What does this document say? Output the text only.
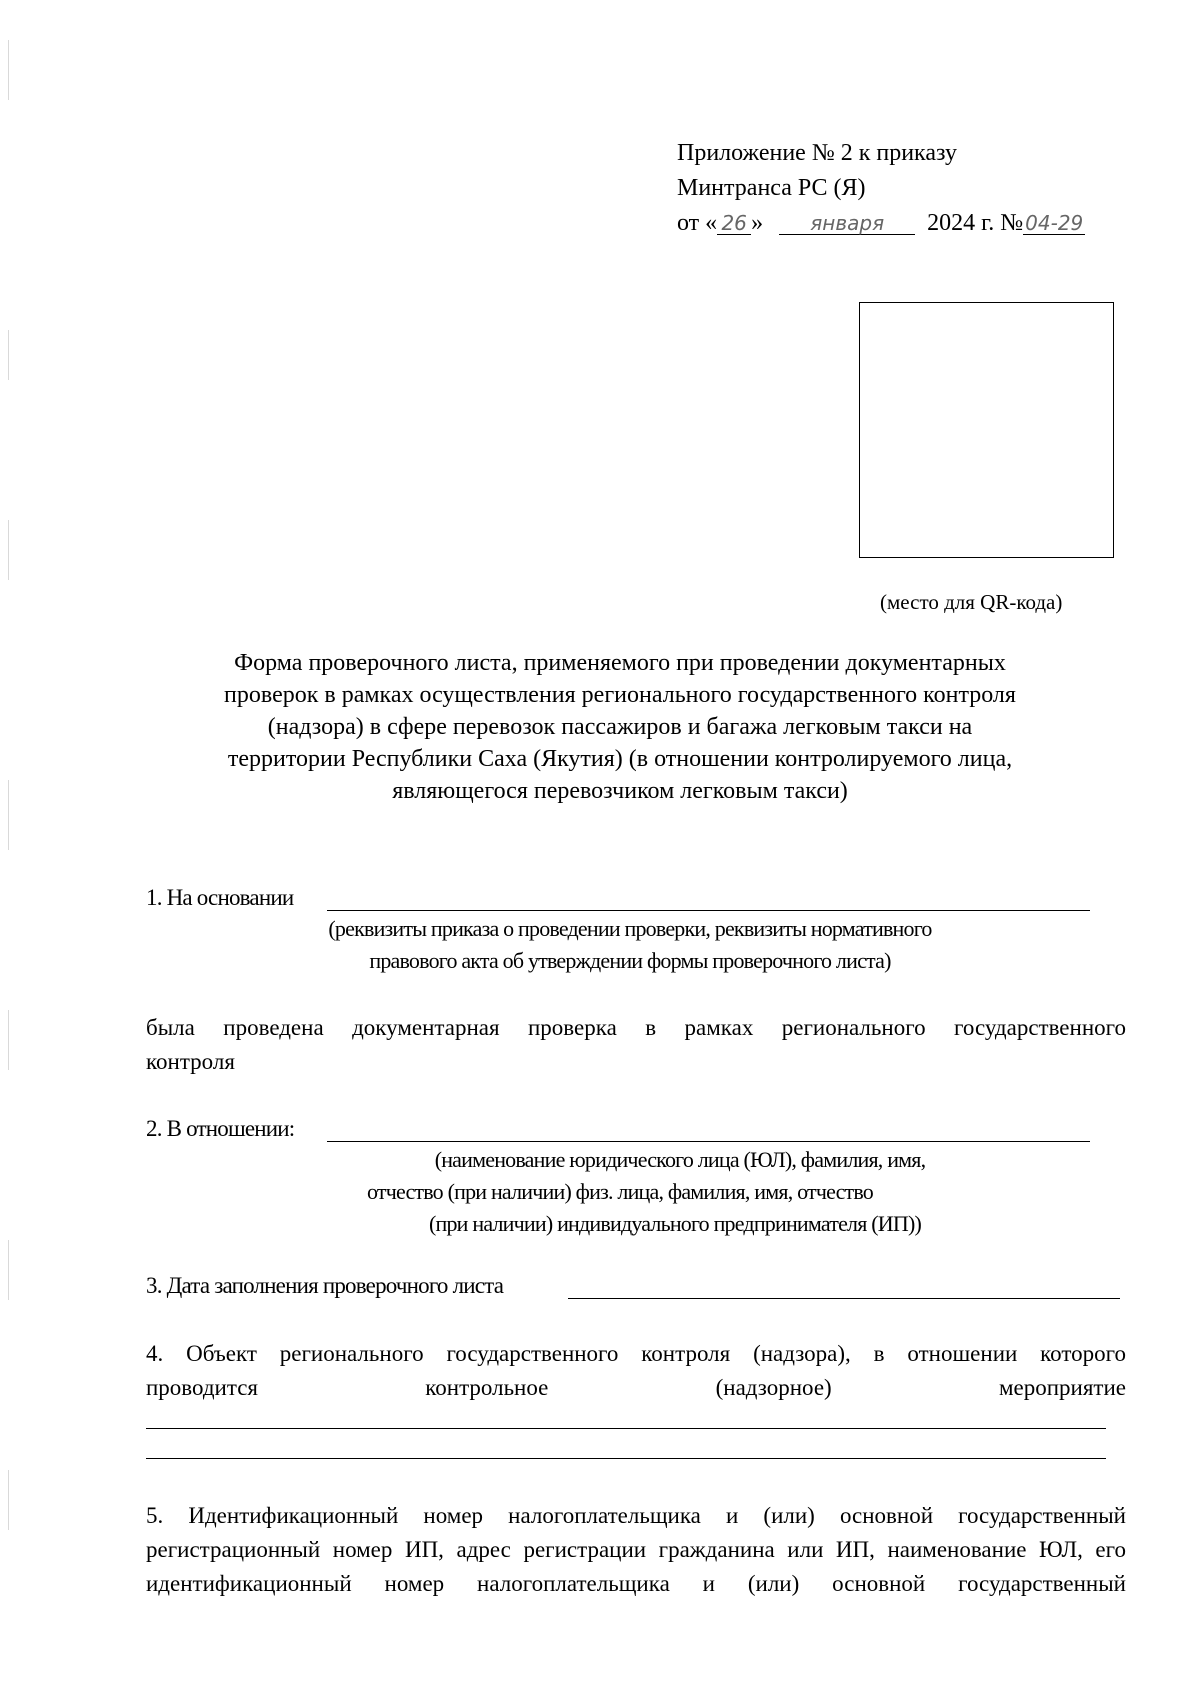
Приложение № 2 к приказу
Минтранса РС (Я)
от « 26 » января 2024 г. №04-29
(место для QR-кода)
Форма проверочного листа, применяемого при проведении документарных
проверок в рамках осуществления регионального государственного контроля
(надзора) в сфере перевозок пассажиров и багажа легковым такси на
территории Республики Саха (Якутия) (в отношении контролируемого лица,
являющегося перевозчиком легковым такси)
1. На основании
(реквизиты приказа о проведении проверки, реквизиты нормативного
правового акта об утверждении формы проверочного листа)
была проведена документарная проверка в рамках регионального государственного
контроля
2. В отношении:
(наименование юридического лица (ЮЛ), фамилия, имя,
отчество (при наличии) физ. лица, фамилия, имя, отчество
(при наличии) индивидуального предпринимателя (ИП))
3. Дата заполнения проверочного листа
4. Объект регионального государственного контроля (надзора), в отношении которого
проводится контрольное (надзорное) мероприятие
5. Идентификационный номер налогоплательщика и (или) основной государственный
регистрационный номер ИП, адрес регистрации гражданина или ИП, наименование ЮЛ, его
идентификационный номер налогоплательщика и (или) основной государственный
